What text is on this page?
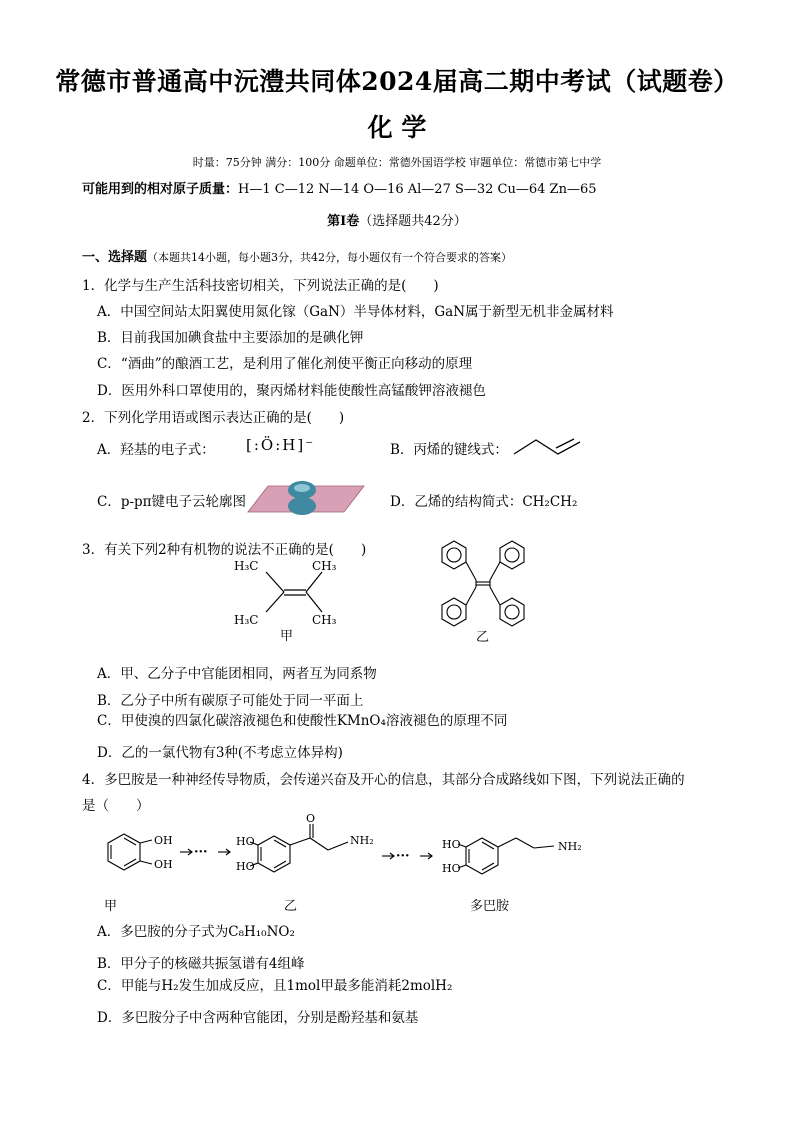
常德市普通高中沅澧共同体2024届高二期中考试（试题卷）
化 学
时量：75分钟 满分：100分 命题单位：常德外国语学校 审题单位：常德市第七中学
可能用到的相对原子质量：H—1 C—12 N—14 O—16 Al—27 S—32 Cu—64 Zn—65
第Ⅰ卷（选择题共42分）
一、选择题（本题共14小题，每小题3分，共42分，每小题仅有一个符合要求的答案）
1．化学与生产生活科技密切相关，下列说法正确的是(　　)
A．中国空间站太阳翼使用氮化镓（GaN）半导体材料，GaN属于新型无机非金属材料
B．目前我国加碘食盐中主要添加的是碘化钾
C．“酒曲”的酿酒工艺，是利用了催化剂使平衡正向移动的原理
D．医用外科口罩使用的，聚丙烯材料能使酸性高锰酸钾溶液褪色
2．下列化学用语或图示表达正确的是(　　)
A．羟基的电子式： [:Ö:H]⁻	B．丙烯的键线式：
C．p-pπ键电子云轮廓图	D．乙烯的结构简式：CH₂CH₂
3．有关下列2种有机物的说法不正确的是(　　)
H₃C
H₃C
CH₃
CH₃
甲	乙
A．甲、乙分子中官能团相同，两者互为同系物
B．乙分子中所有碳原子可能处于同一平面上
C．甲使溴的四氯化碳溶液褪色和使酸性KMnO₄溶液褪色的原理不同
D．乙的一氯代物有3种(不考虑立体异构)
4．多巴胺是一种神经传导物质，会传递兴奋及开心的信息，其部分合成路线如下图，下列说法正确的
是（　　）
OH
OH
···
HO
HO
O
NH₂
···
HO
HO
NH₂
甲	乙	多巴胺
A．多巴胺的分子式为C₈H₁₀NO₂
B．甲分子的核磁共振氢谱有4组峰
C．甲能与H₂发生加成反应，且1mol甲最多能消耗2molH₂
D．多巴胺分子中含两种官能团，分别是酚羟基和氨基
